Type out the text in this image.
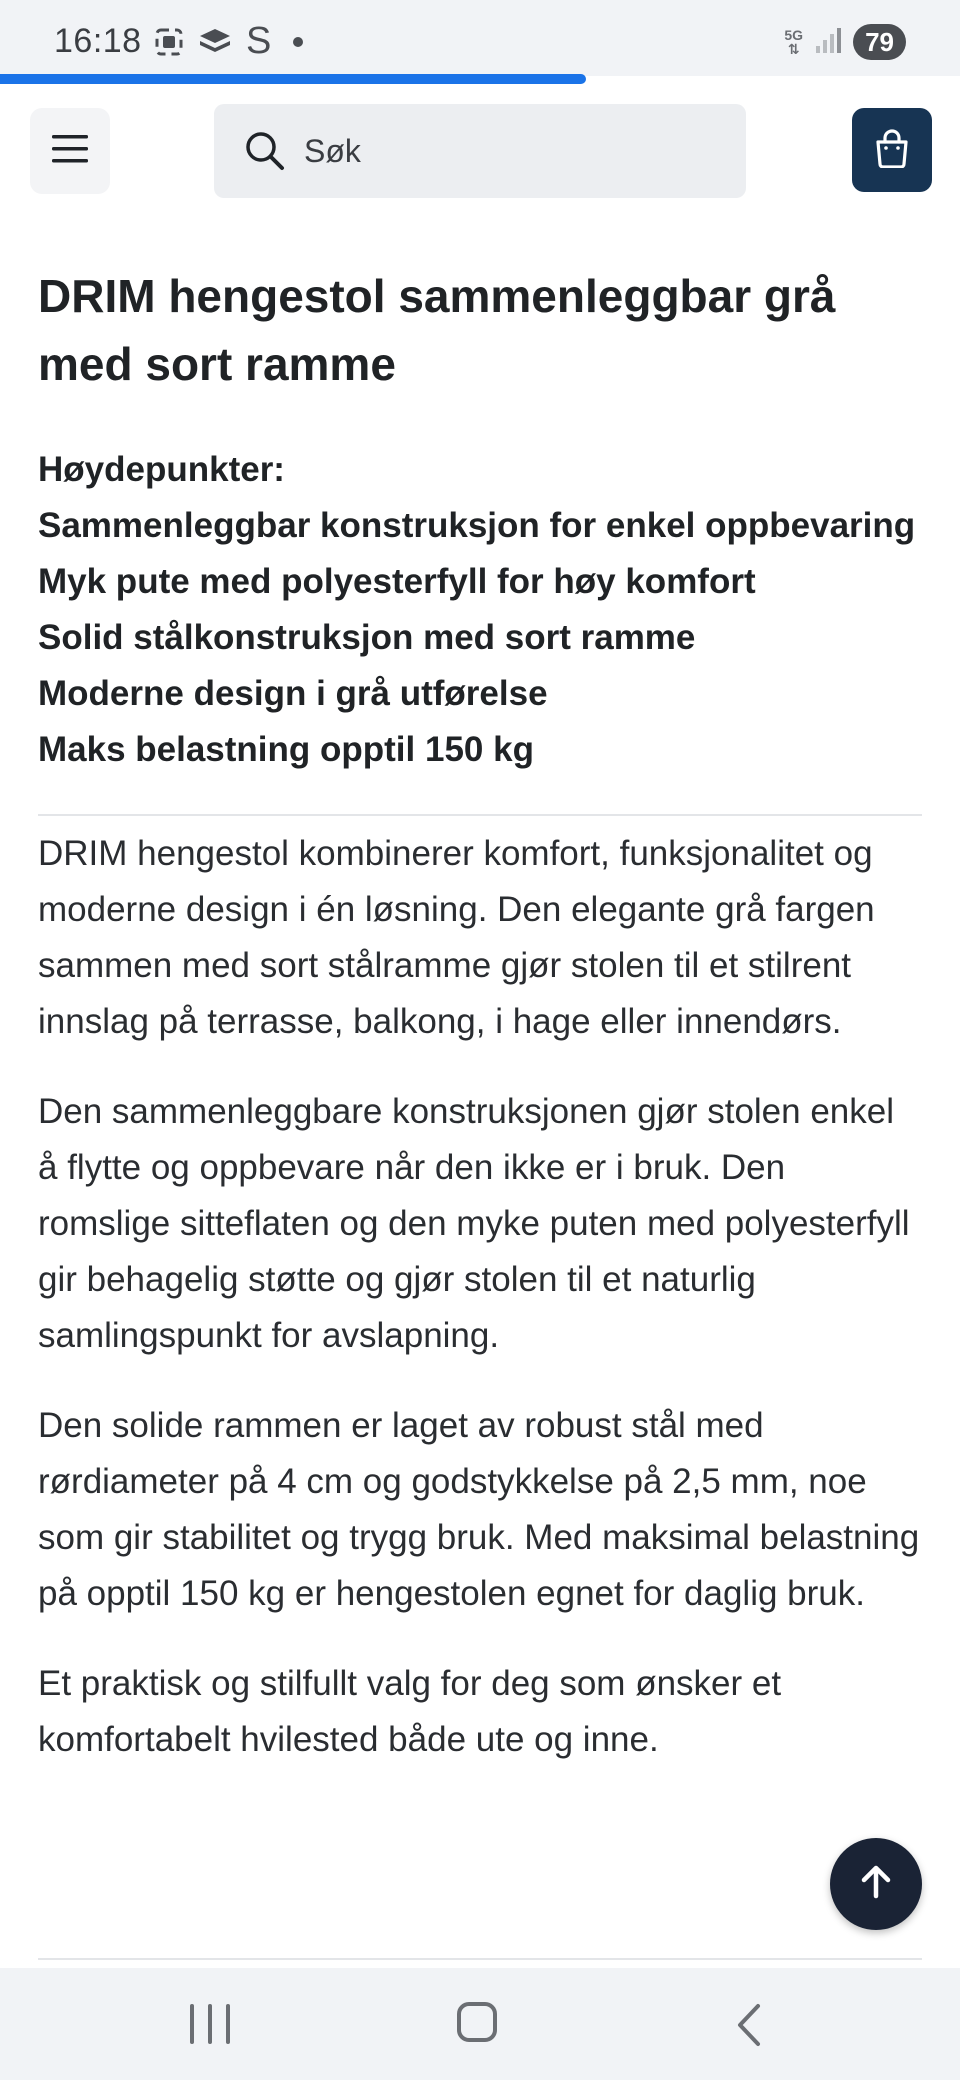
16:18	S	5G
⇅	79
Søk
DRIM hengestol sammenleggbar grå med sort ramme
Høydepunkter:
Sammenleggbar konstruksjon for enkel oppbevaring
Myk pute med polyesterfyll for høy komfort
Solid stålkonstruksjon med sort ramme
Moderne design i grå utførelse
Maks belastning opptil 150 kg

DRIM hengestol kombinerer komfort, funksjonalitet og moderne design i én løsning. Den elegante grå fargen sammen med sort stålramme gjør stolen til et stilrent innslag på terrasse, balkong, i hage eller innendørs.

Den sammenleggbare konstruksjonen gjør stolen enkel å flytte og oppbevare når den ikke er i bruk. Den romslige sitteflaten og den myke puten med polyesterfyll gir behagelig støtte og gjør stolen til et naturlig samlingspunkt for avslapning.

Den solide rammen er laget av robust stål med rørdiameter på 4 cm og godstykkelse på 2,5 mm, noe som gir stabilitet og trygg bruk. Med maksimal belastning på opptil 150 kg er hengestolen egnet for daglig bruk.

Et praktisk og stilfullt valg for deg som ønsker et komfortabelt hvilested både ute og inne.
